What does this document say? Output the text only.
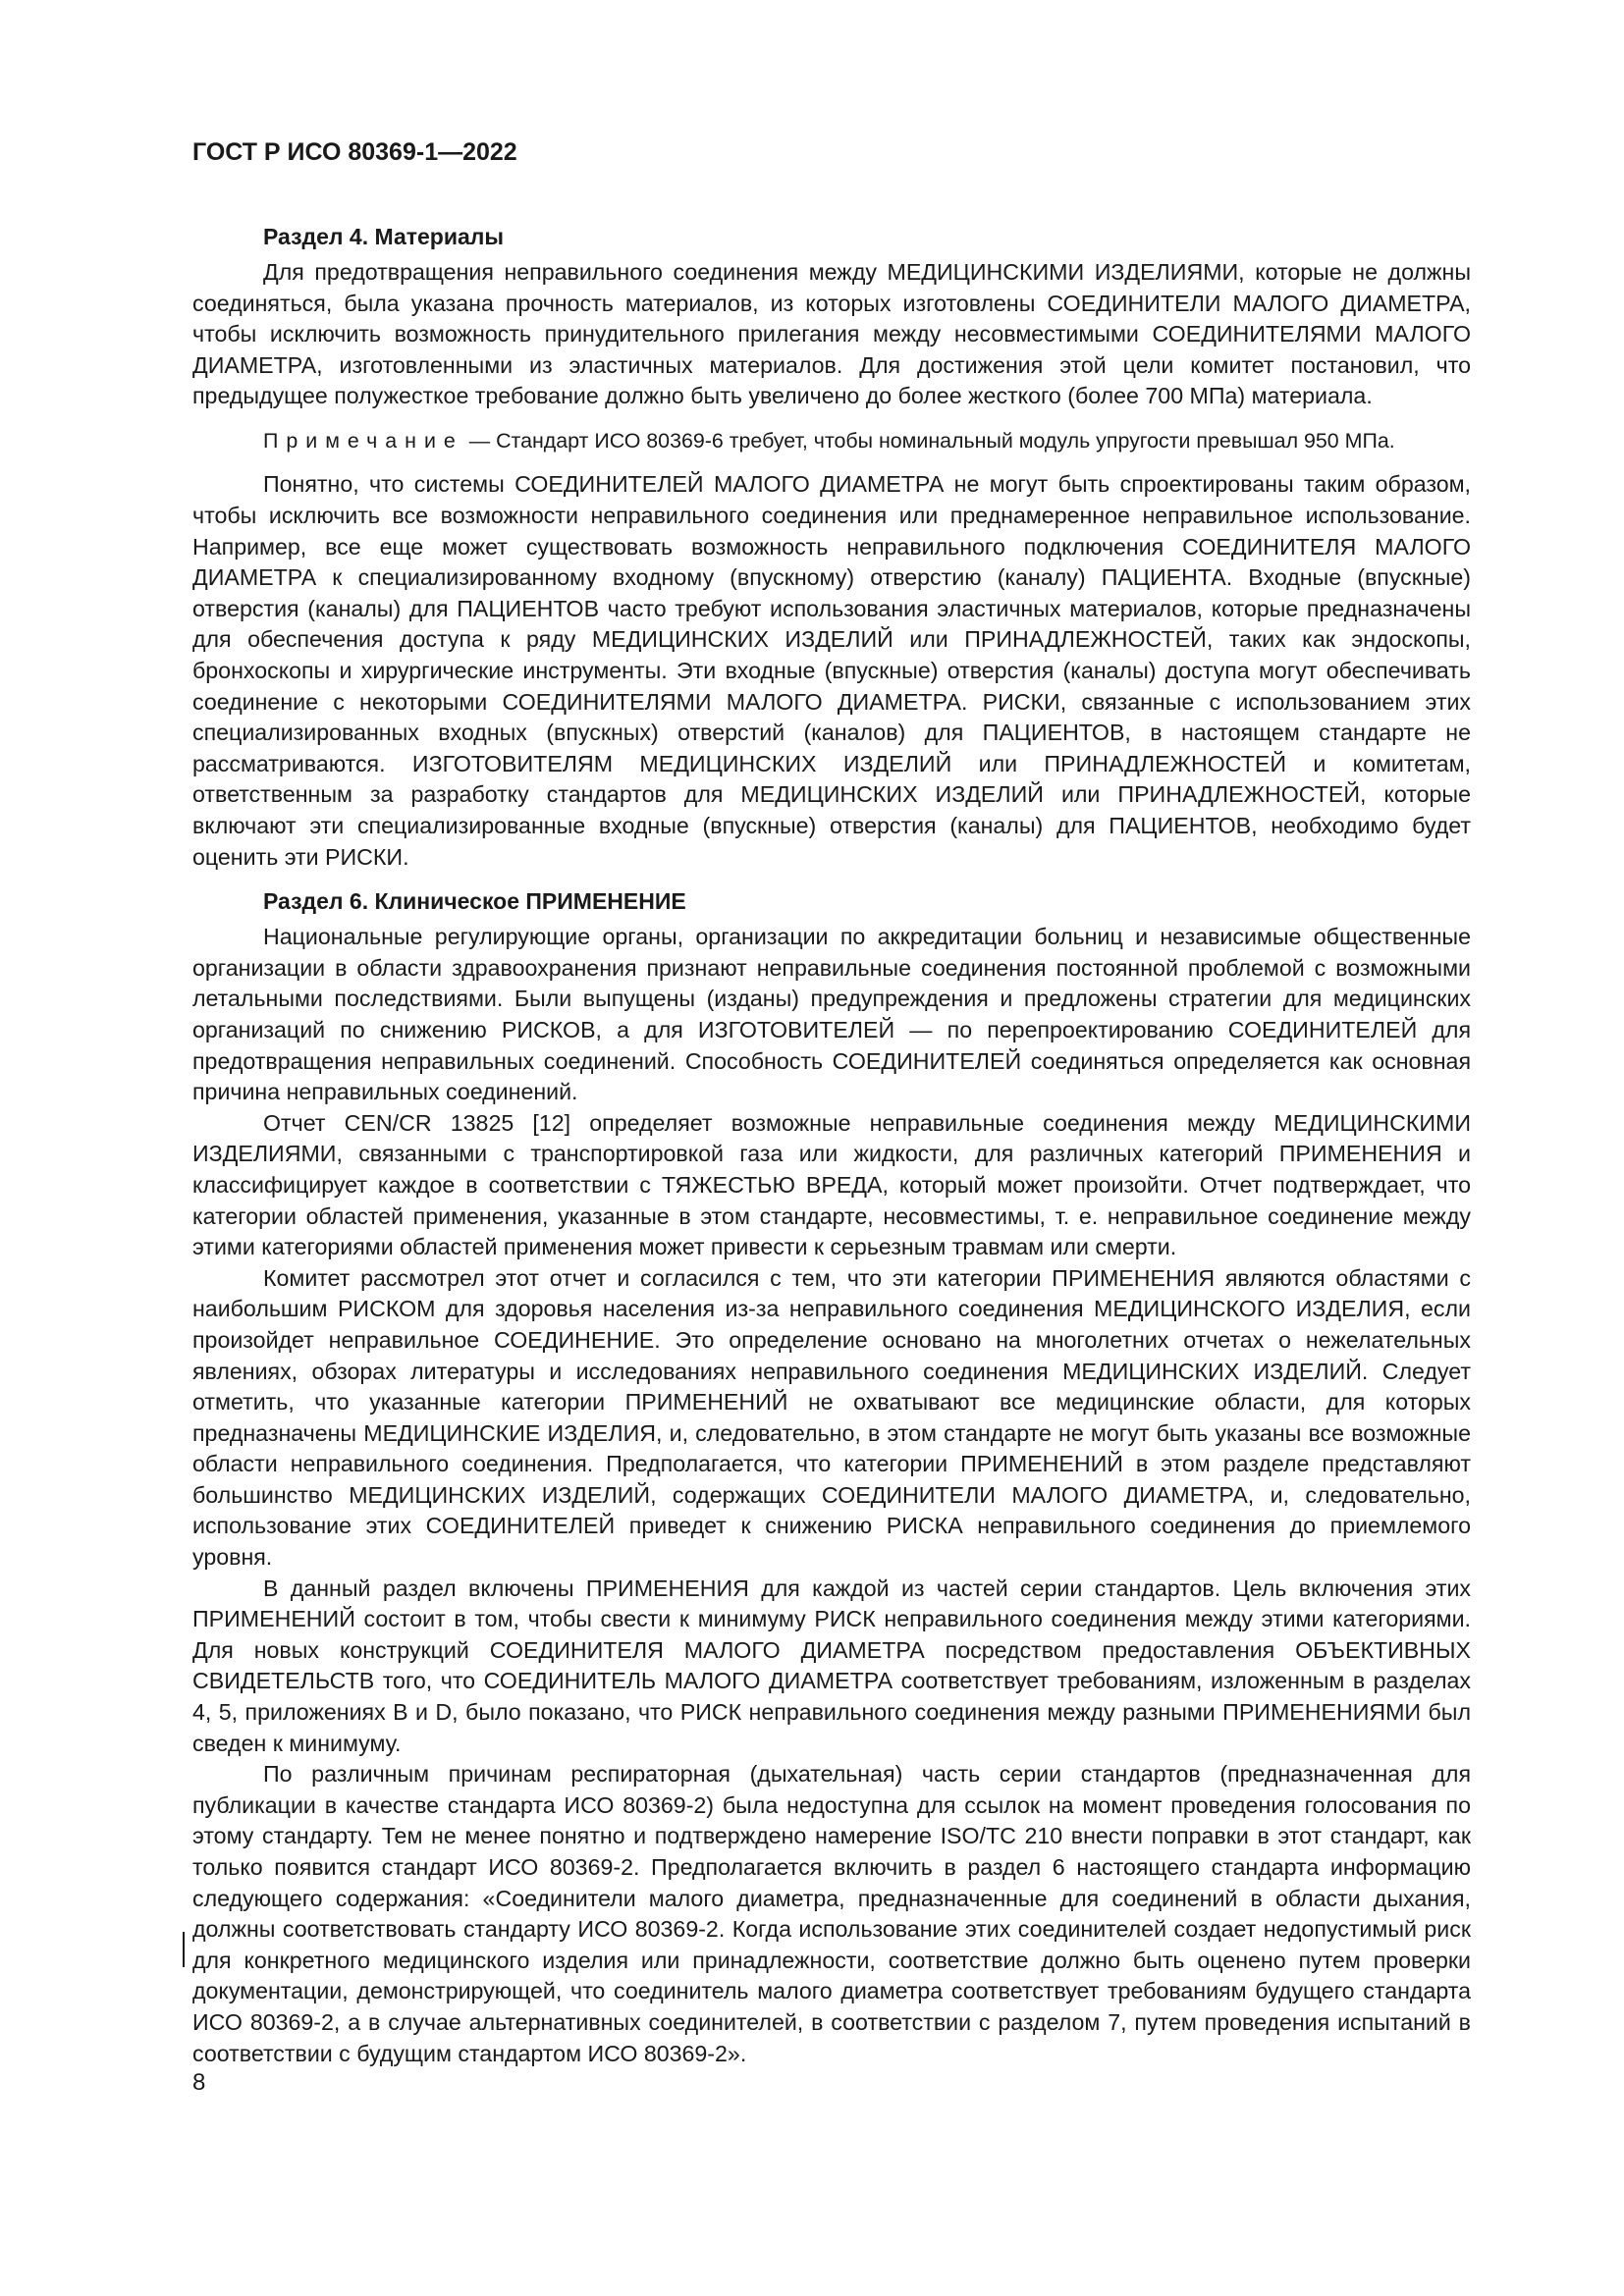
ГОСТ Р ИСО 80369-1—2022
Раздел 4. Материалы

Для предотвращения неправильного соединения между МЕДИЦИНСКИМИ ИЗДЕЛИЯМИ, которые не должны соединяться, была указана прочность материалов, из которых изготовлены СОЕДИНИТЕЛИ МАЛОГО ДИАМЕТРА, чтобы исключить возможность принудительного прилегания между несовместимыми СОЕДИНИТЕЛЯМИ МАЛОГО ДИАМЕТРА, изготовленными из эластичных материалов. Для достижения этой цели комитет постановил, что предыдущее полужесткое требование должно быть увеличено до более жесткого (более 700 МПа) материала.

Примечание — Стандарт ИСО 80369-6 требует, чтобы номинальный модуль упругости превышал 950 МПа.

Понятно, что системы СОЕДИНИТЕЛЕЙ МАЛОГО ДИАМЕТРА не могут быть спроектированы таким образом, чтобы исключить все возможности неправильного соединения или преднамеренное неправильное использование. Например, все еще может существовать возможность неправильного подключения СОЕДИНИТЕЛЯ МАЛОГО ДИАМЕТРА к специализированному входному (впускному) отверстию (каналу) ПАЦИЕНТА. Входные (впускные) отверстия (каналы) для ПАЦИЕНТОВ часто требуют использования эластичных материалов, которые предназначены для обеспечения доступа к ряду МЕДИЦИНСКИХ ИЗДЕЛИЙ или ПРИНАДЛЕЖНОСТЕЙ, таких как эндоскопы, бронхоскопы и хирургические инструменты. Эти входные (впускные) отверстия (каналы) доступа могут обеспечивать соединение с некоторыми СОЕДИНИТЕЛЯМИ МАЛОГО ДИАМЕТРА. РИСКИ, связанные с использованием этих специализированных входных (впускных) отверстий (каналов) для ПАЦИЕНТОВ, в настоящем стандарте не рассматриваются. ИЗГОТОВИТЕЛЯМ МЕДИЦИНСКИХ ИЗДЕЛИЙ или ПРИНАДЛЕЖНОСТЕЙ и комитетам, ответственным за разработку стандартов для МЕДИЦИНСКИХ ИЗДЕЛИЙ или ПРИНАДЛЕЖНОСТЕЙ, которые включают эти специализированные входные (впускные) отверстия (каналы) для ПАЦИЕНТОВ, необходимо будет оценить эти РИСКИ.

Раздел 6. Клиническое ПРИМЕНЕНИЕ

Национальные регулирующие органы, организации по аккредитации больниц и независимые общественные организации в области здравоохранения признают неправильные соединения постоянной проблемой с возможными летальными последствиями. Были выпущены (изданы) предупреждения и предложены стратегии для медицинских организаций по снижению РИСКОВ, а для ИЗГОТОВИТЕЛЕЙ — по перепроектированию СОЕДИНИТЕЛЕЙ для предотвращения неправильных соединений. Способность СОЕДИНИТЕЛЕЙ соединяться определяется как основная причина неправильных соединений.

Отчет CEN/CR 13825 [12] определяет возможные неправильные соединения между МЕДИЦИНСКИМИ ИЗДЕЛИЯМИ, связанными с транспортировкой газа или жидкости, для различных категорий ПРИМЕНЕНИЯ и классифицирует каждое в соответствии с ТЯЖЕСТЬЮ ВРЕДА, который может произойти. Отчет подтверждает, что категории областей применения, указанные в этом стандарте, несовместимы, т. е. неправильное соединение между этими категориями областей применения может привести к серьезным травмам или смерти.

Комитет рассмотрел этот отчет и согласился с тем, что эти категории ПРИМЕНЕНИЯ являются областями с наибольшим РИСКОМ для здоровья населения из-за неправильного соединения МЕДИЦИНСКОГО ИЗДЕЛИЯ, если произойдет неправильное СОЕДИНЕНИЕ. Это определение основано на многолетних отчетах о нежелательных явлениях, обзорах литературы и исследованиях неправильного соединения МЕДИЦИНСКИХ ИЗДЕЛИЙ. Следует отметить, что указанные категории ПРИМЕНЕНИЙ не охватывают все медицинские области, для которых предназначены МЕДИЦИНСКИЕ ИЗДЕЛИЯ, и, следовательно, в этом стандарте не могут быть указаны все возможные области неправильного соединения. Предполагается, что категории ПРИМЕНЕНИЙ в этом разделе представляют большинство МЕДИЦИНСКИХ ИЗДЕЛИЙ, содержащих СОЕДИНИТЕЛИ МАЛОГО ДИАМЕТРА, и, следовательно, использование этих СОЕДИНИТЕЛЕЙ приведет к снижению РИСКА неправильного соединения до приемлемого уровня.

В данный раздел включены ПРИМЕНЕНИЯ для каждой из частей серии стандартов. Цель включения этих ПРИМЕНЕНИЙ состоит в том, чтобы свести к минимуму РИСК неправильного соединения между этими категориями. Для новых конструкций СОЕДИНИТЕЛЯ МАЛОГО ДИАМЕТРА посредством предоставления ОБЪЕКТИВНЫХ СВИДЕТЕЛЬСТВ того, что СОЕДИНИТЕЛЬ МАЛОГО ДИАМЕТРА соответствует требованиям, изложенным в разделах 4, 5, приложениях B и D, было показано, что РИСК неправильного соединения между разными ПРИМЕНЕНИЯМИ был сведен к минимуму.

По различным причинам респираторная (дыхательная) часть серии стандартов (предназначенная для публикации в качестве стандарта ИСО 80369-2) была недоступна для ссылок на момент проведения голосования по этому стандарту. Тем не менее понятно и подтверждено намерение ISO/TC 210 внести поправки в этот стандарт, как только появится стандарт ИСО 80369-2. Предполагается включить в раздел 6 настоящего стандарта информацию следующего содержания: «Соединители малого диаметра, предназначенные для соединений в области дыхания, должны соответствовать стандарту ИСО 80369-2. Когда использование этих соединителей создает недопустимый риск для конкретного медицинского изделия или принадлежности, соответствие должно быть оценено путем проверки документации, демонстрирующей, что соединитель малого диаметра соответствует требованиям будущего стандарта ИСО 80369-2, а в случае альтернативных соединителей, в соответствии с разделом 7, путем проведения испытаний в соответствии с будущим стандартом ИСО 80369-2».

8
